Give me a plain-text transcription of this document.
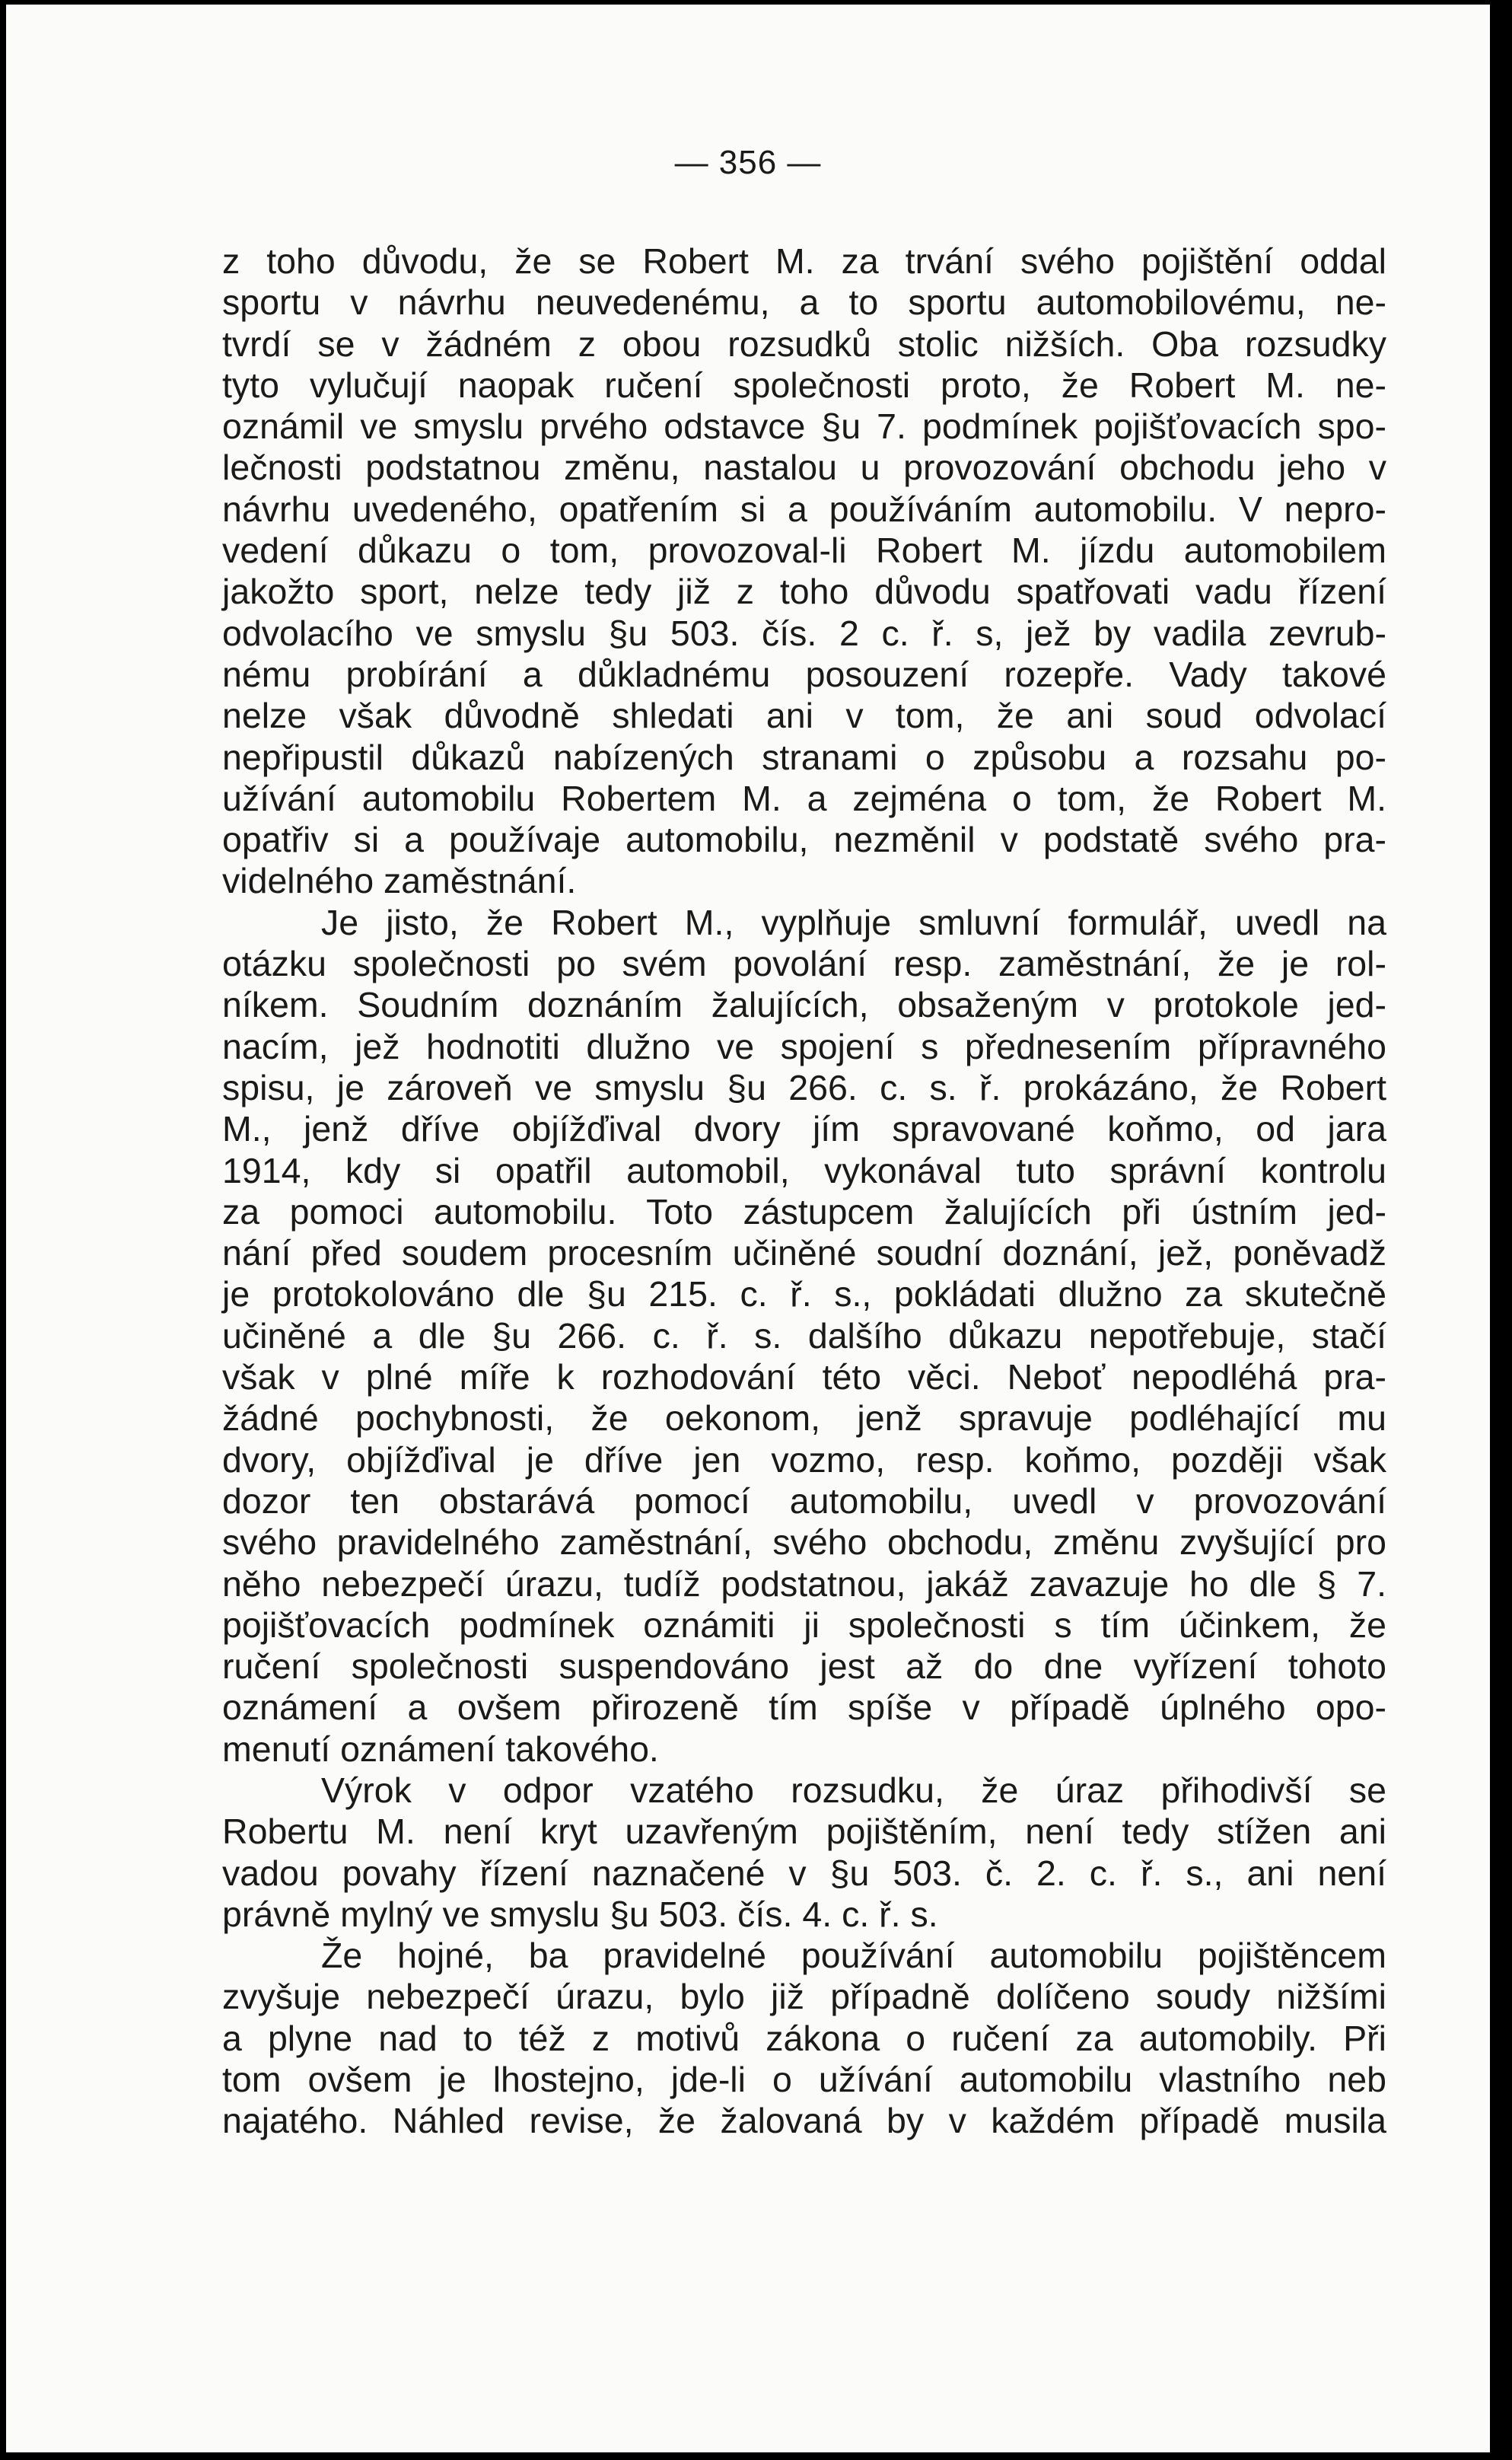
— 356 —
z toho důvodu, že se Robert M. za trvání svého pojištění oddal
sportu v návrhu neuvedenému, a to sportu automobilovému, ne-
tvrdí se v žádném z obou rozsudků stolic nižších. Oba rozsudky
tyto vylučují naopak ručení společnosti proto, že Robert M. ne-
oznámil ve smyslu prvého odstavce §u 7. podmínek pojišťovacích spo-
lečnosti podstatnou změnu, nastalou u provozování obchodu jeho v
návrhu uvedeného, opatřením si a používáním automobilu. V nepro-
vedení důkazu o tom, provozoval-li Robert M. jízdu automobilem
jakožto sport, nelze tedy již z toho důvodu spatřovati vadu řízení
odvolacího ve smyslu §u 503. čís. 2 c. ř. s, jež by vadila zevrub-
nému probírání a důkladnému posouzení rozepře. Vady takové
nelze však důvodně shledati ani v tom, že ani soud odvolací
nepřipustil důkazů nabízených stranami o způsobu a rozsahu po-
užívání automobilu Robertem M. a zejména o tom, že Robert M.
opatřiv si a používaje automobilu, nezměnil v podstatě svého pra-
videlného zaměstnání.
Je jisto, že Robert M., vyplňuje smluvní formulář, uvedl na
otázku společnosti po svém povolání resp. zaměstnání, že je rol-
níkem. Soudním doznáním žalujících, obsaženým v protokole jed-
nacím, jež hodnotiti dlužno ve spojení s přednesením přípravného
spisu, je zároveň ve smyslu §u 266. c. s. ř. prokázáno, že Robert
M., jenž dříve objížďival dvory jím spravované koňmo, od jara
1914, kdy si opatřil automobil, vykonával tuto správní kontrolu
za pomoci automobilu. Toto zástupcem žalujících při ústním jed-
nání před soudem procesním učiněné soudní doznání, jež, poněvadž
je protokolováno dle §u 215. c. ř. s., pokládati dlužno za skutečně
učiněné a dle §u 266. c. ř. s. dalšího důkazu nepotřebuje, stačí
však v plné míře k rozhodování této věci. Neboť nepodléhá pra-
žádné pochybnosti, že oekonom, jenž spravuje podléhající mu
dvory, objížďival je dříve jen vozmo, resp. koňmo, později však
dozor ten obstarává pomocí automobilu, uvedl v provozování
svého pravidelného zaměstnání, svého obchodu, změnu zvyšující pro
něho nebezpečí úrazu, tudíž podstatnou, jakáž zavazuje ho dle § 7.
pojišťovacích podmínek oznámiti ji společnosti s tím účinkem, že
ručení společnosti suspendováno jest až do dne vyřízení tohoto
oznámení a ovšem přirozeně tím spíše v případě úplného opo-
menutí oznámení takového.
Výrok v odpor vzatého rozsudku, že úraz přihodivší se
Robertu M. není kryt uzavřeným pojištěním, není tedy stížen ani
vadou povahy řízení naznačené v §u 503. č. 2. c. ř. s., ani není
právně mylný ve smyslu §u 503. čís. 4. c. ř. s.
Že hojné, ba pravidelné používání automobilu pojištěncem
zvyšuje nebezpečí úrazu, bylo již případně dolíčeno soudy nižšími
a plyne nad to též z motivů zákona o ručení za automobily. Při
tom ovšem je lhostejno, jde-li o užívání automobilu vlastního neb
najatého. Náhled revise, že žalovaná by v každém případě musila
